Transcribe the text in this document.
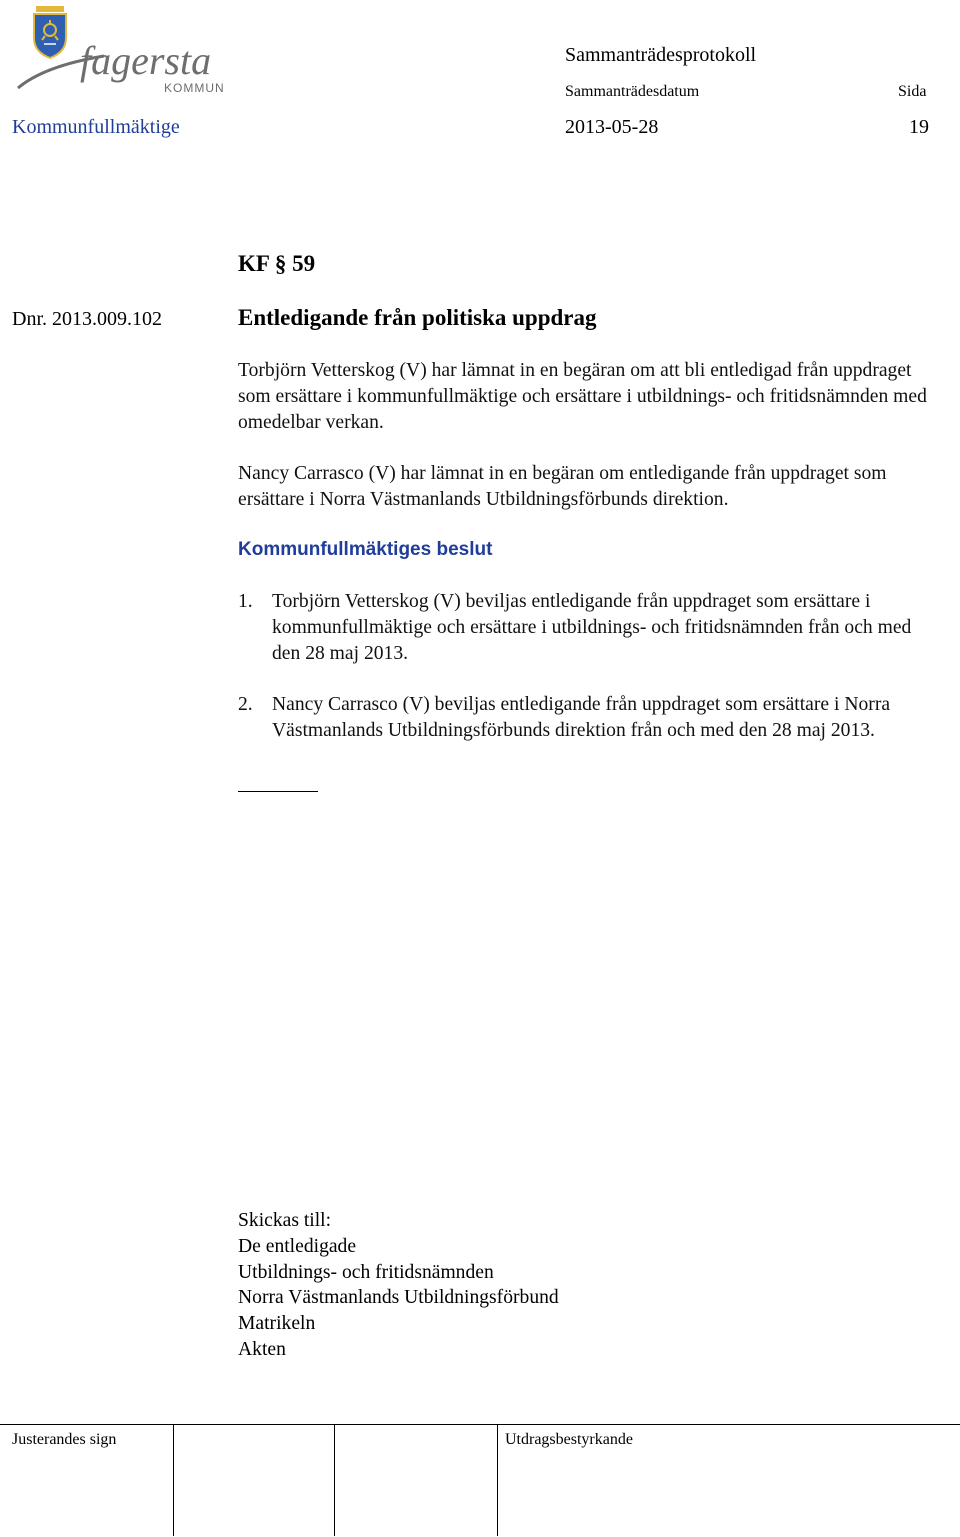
fagersta
KOMMUN
Sammanträdesprotokoll
Sammanträdesdatum	Sida
Kommunfullmäktige	2013-05-28	19
KF § 59
Dnr. 2013.009.102	Entledigande från politiska uppdrag
Torbjörn Vetterskog (V) har lämnat in en begäran om att bli entledigad från uppdraget som ersättare i kommunfullmäktige och ersättare i utbildnings- och fritidsnämnden med omedelbar verkan.
Nancy Carrasco (V) har lämnat in en begäran om entledigande från uppdraget som ersättare i Norra Västmanlands Utbildningsförbunds direktion.
Kommunfullmäktiges beslut
1. Torbjörn Vetterskog (V) beviljas entledigande från uppdraget som ersättare i kommunfullmäktige och ersättare i utbildnings- och fritidsnämnden från och med den 28 maj 2013.
2. Nancy Carrasco (V) beviljas entledigande från uppdraget som ersättare i Norra Västmanlands Utbildningsförbunds direktion från och med den 28 maj 2013.
Skickas till:
De entledigade
Utbildnings- och fritidsnämnden
Norra Västmanlands Utbildningsförbund
Matrikeln
Akten
Justerandes sign	Utdragsbestyrkande
